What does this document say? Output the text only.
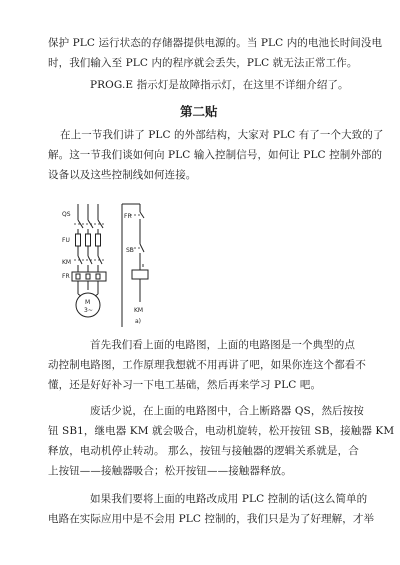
保护 PLC 运行状态的存储器提供电源的。当 PLC 内的电池长时间没电
时，我们输入至 PLC 内的程序就会丢失，PLC 就无法正常工作。
PROG.E 指示灯是故障指示灯，在这里不详细介绍了。
第二贴
在上一节我们讲了 PLC 的外部结构，大家对 PLC 有了一个大致的了
解。这一节我们谈如何向 PLC 输入控制信号，如何让 PLC 控制外部的
设备以及这些控制线如何连接。
QS
FU
KM
FR
M
3~
FR
SB
KM
a)
首先我们看上面的电路图，上面的电路图是一个典型的点
动控制电路图，工作原理我想就不用再讲了吧，如果你连这个都看不
懂，还是好好补习一下电工基础，然后再来学习 PLC 吧。
废话少说，在上面的电路图中，合上断路器 QS，然后按按
钮 SB1，继电器 KM 就会吸合，电动机旋转，松开按钮 SB，接触器 KM
释放，电动机停止转动。 那么，按钮与接触器的逻辑关系就是，合
上按钮——接触器吸合；松开按钮——接触器释放。
如果我们要将上面的电路改成用 PLC 控制的话(这么简单的
电路在实际应用中是不会用 PLC 控制的，我们只是为了好理解，才举
